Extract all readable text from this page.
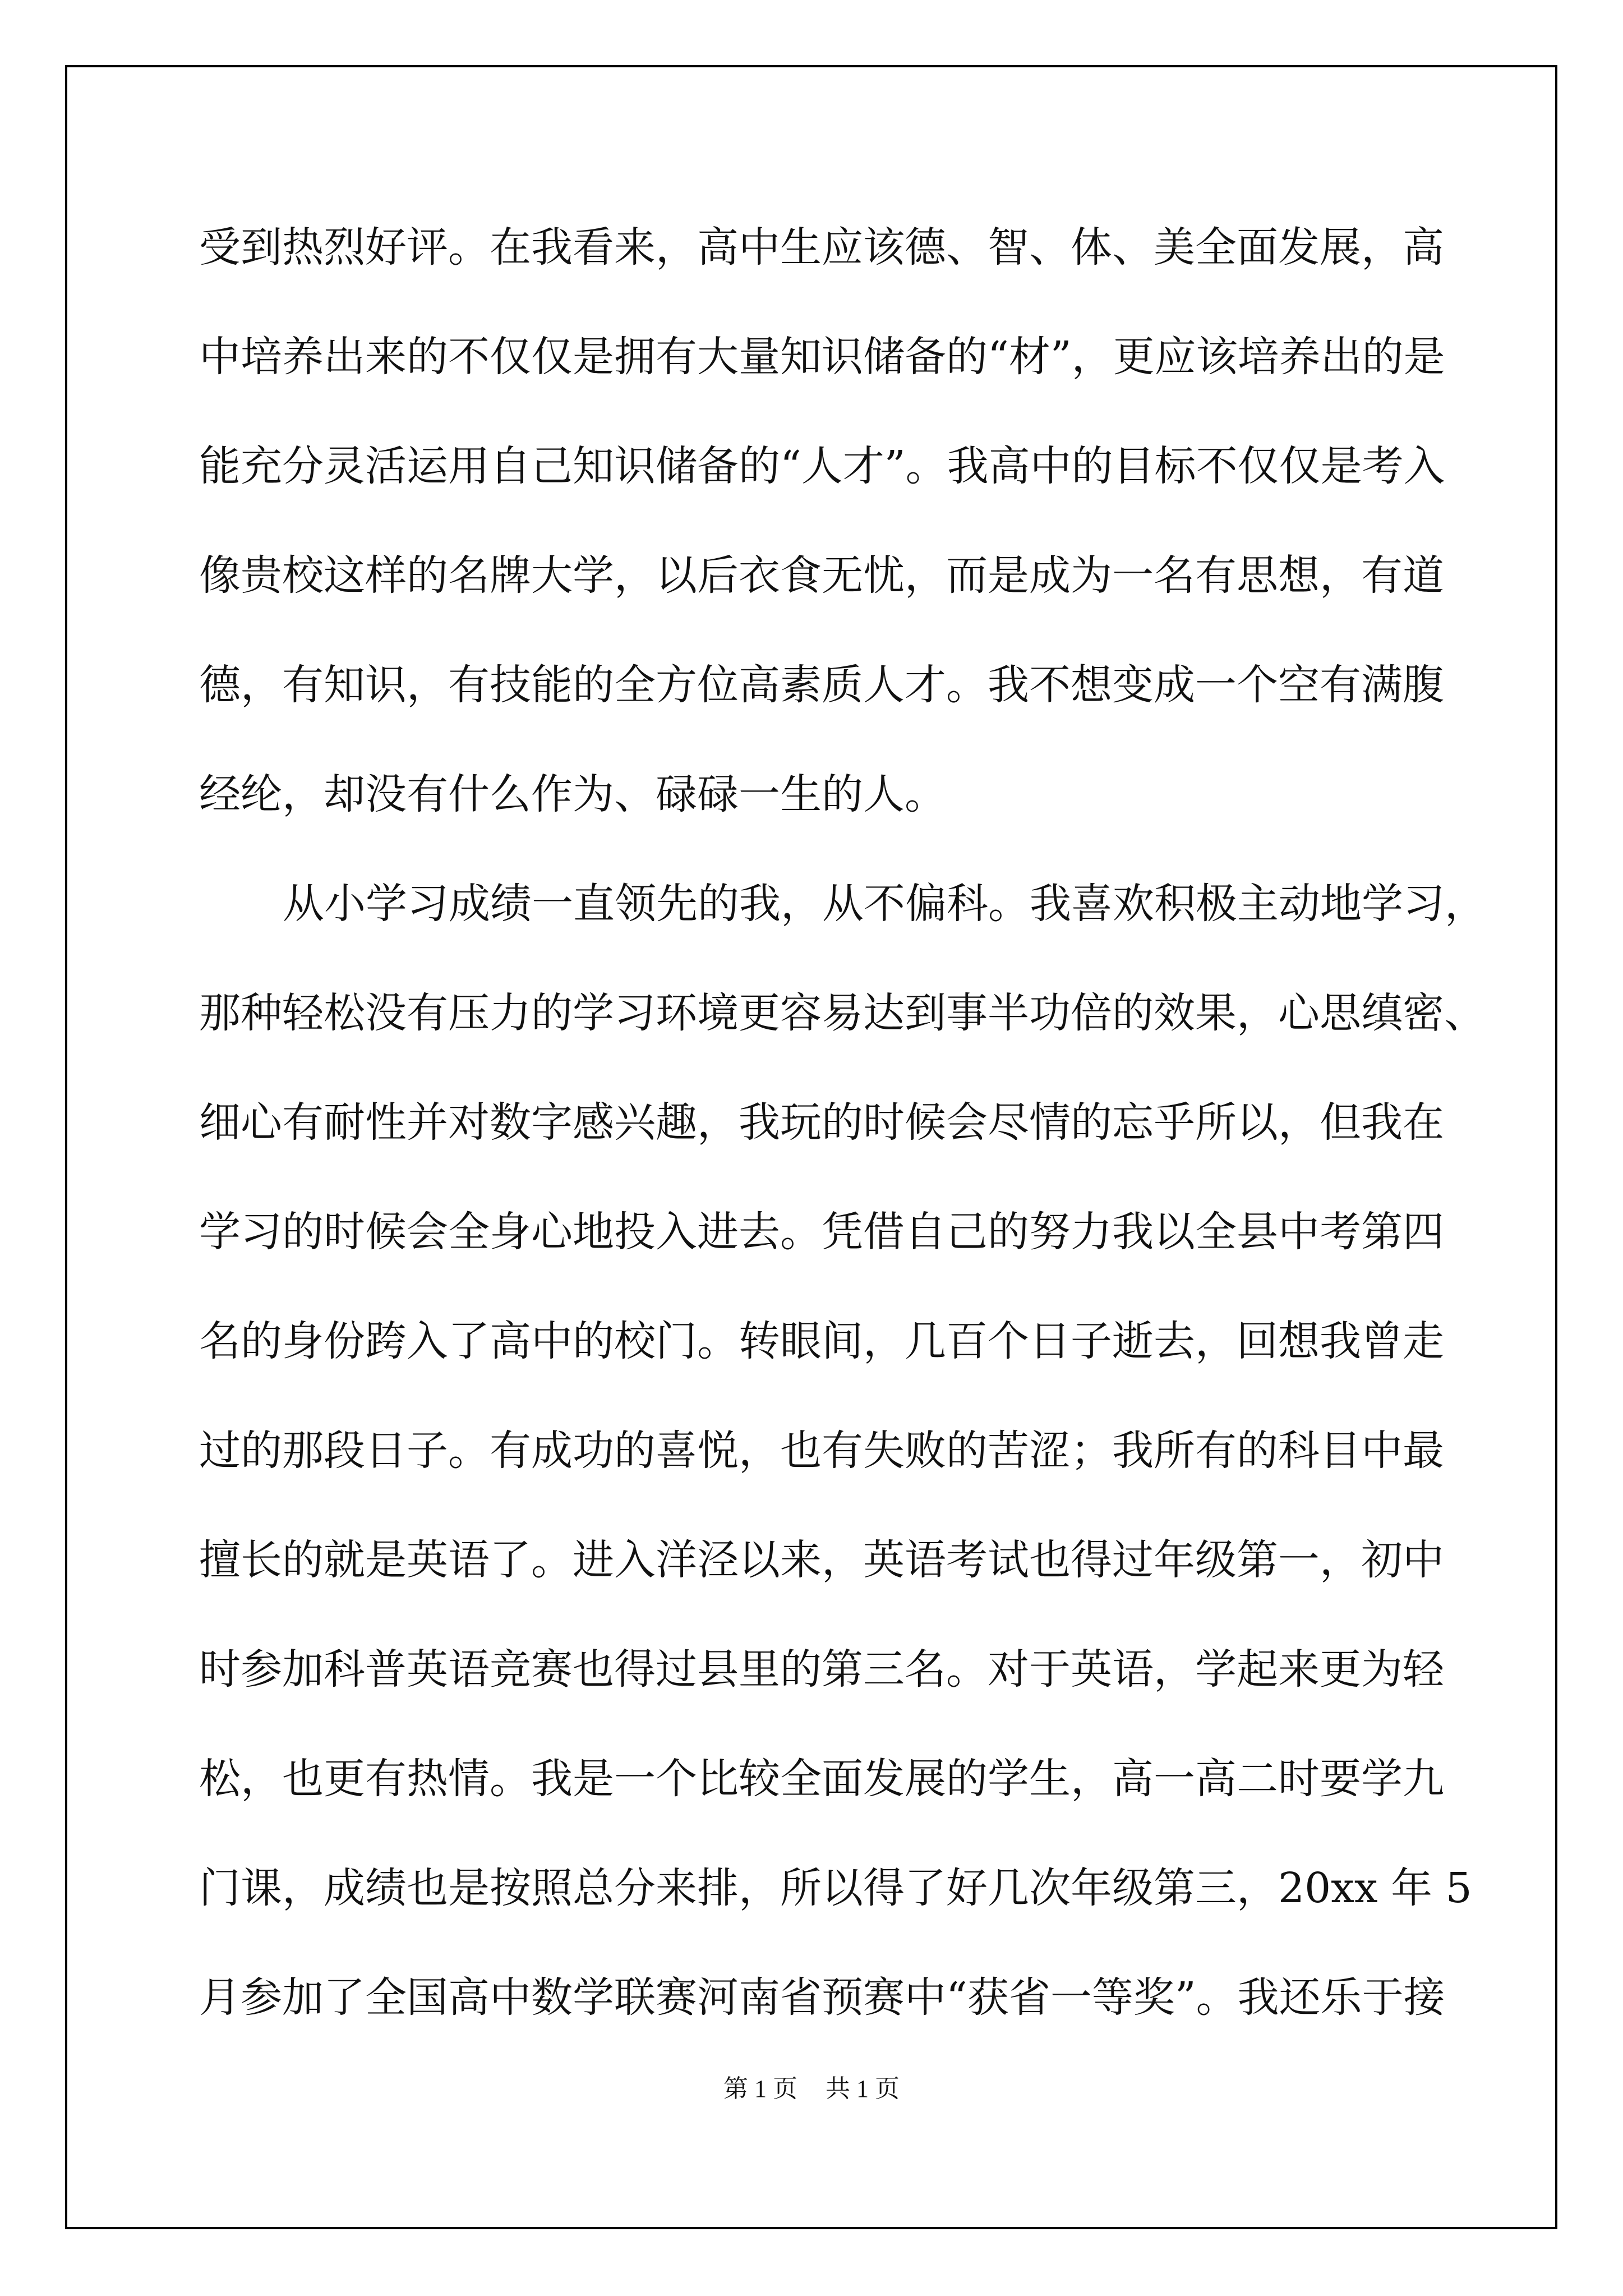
受到热烈好评。在我看来，高中生应该德、智、体、美全面发展，高
中培养出来的不仅仅是拥有大量知识储备的“材”，更应该培养出的是
能充分灵活运用自己知识储备的“人才”。我高中的目标不仅仅是考入
像贵校这样的名牌大学，以后衣食无忧，而是成为一名有思想，有道
德，有知识，有技能的全方位高素质人才。我不想变成一个空有满腹
经纶，却没有什么作为、碌碌一生的人。
从小学习成绩一直领先的我，从不偏科。我喜欢积极主动地学习，
那种轻松没有压力的学习环境更容易达到事半功倍的效果，心思缜密、
细心有耐性并对数字感兴趣，我玩的时候会尽情的忘乎所以，但我在
学习的时候会全身心地投入进去。凭借自己的努力我以全县中考第四
名的身份跨入了高中的校门。转眼间，几百个日子逝去，回想我曾走
过的那段日子。有成功的喜悦，也有失败的苦涩；我所有的科目中最
擅长的就是英语了。进入洋泾以来，英语考试也得过年级第一，初中
时参加科普英语竞赛也得过县里的第三名。对于英语，学起来更为轻
松，也更有热情。我是一个比较全面发展的学生，高一高二时要学九
门课，成绩也是按照总分来排，所以得了好几次年级第三，20xx 年 5
月参加了全国高中数学联赛河南省预赛中“获省一等奖”。我还乐于接
第 1 页 共 1 页
